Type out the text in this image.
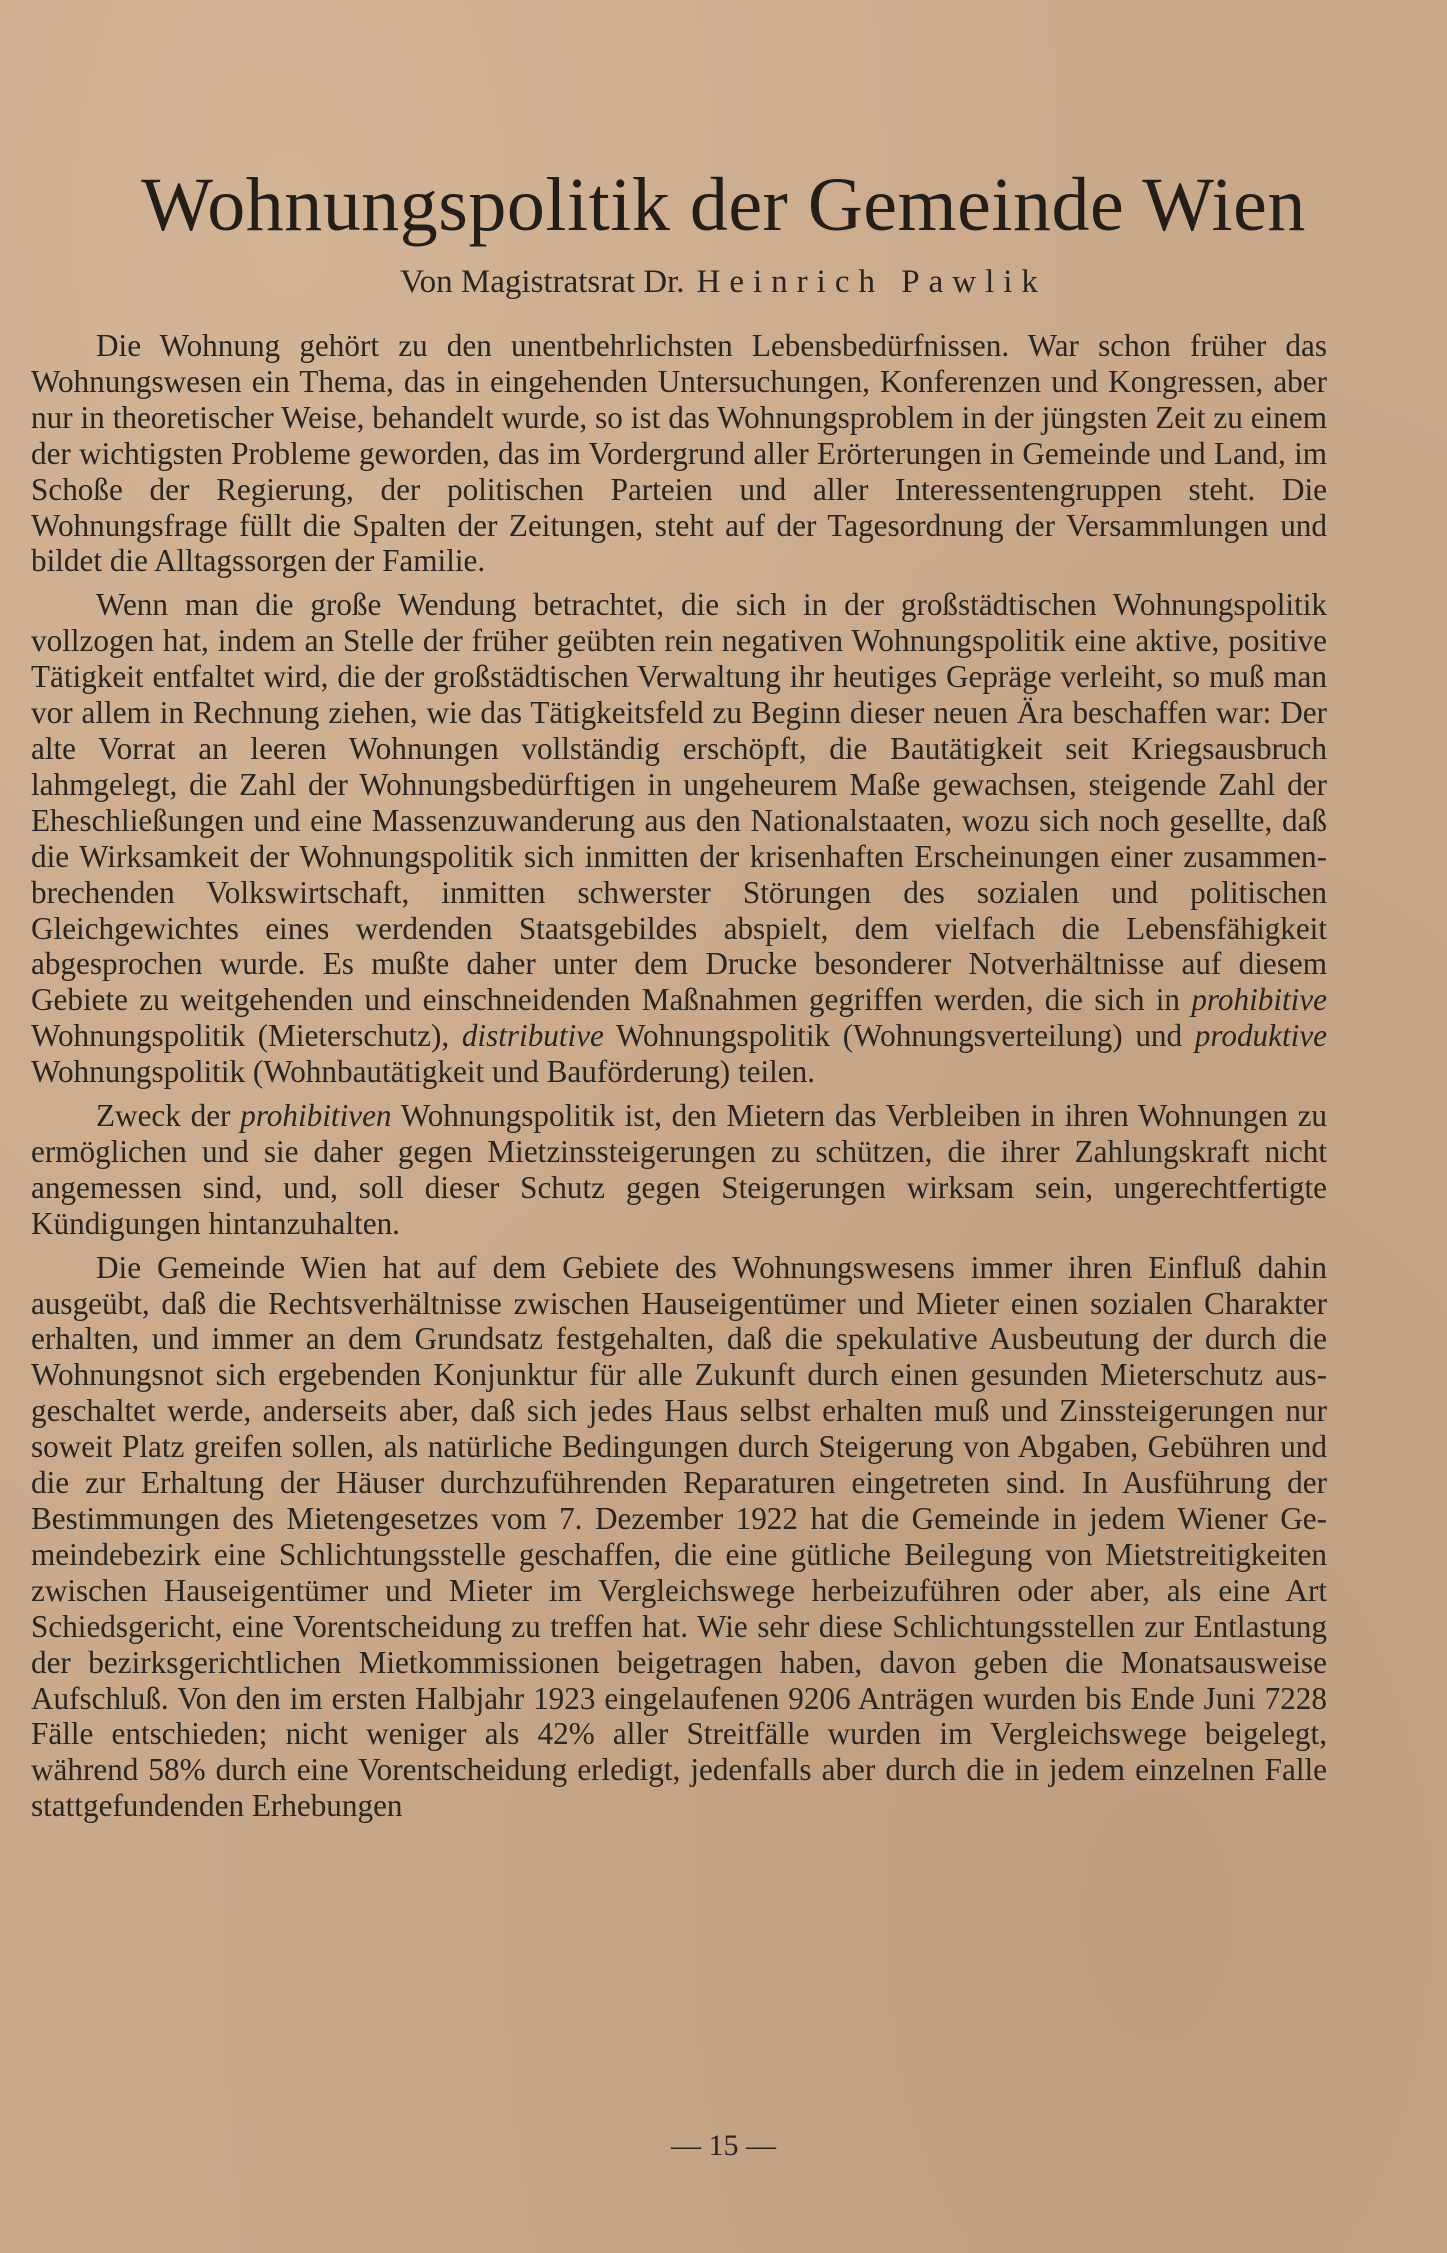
Wohnungspolitik der Gemeinde Wien
Von Magistratsrat Dr. Heinrich Pawlik

Die Wohnung gehört zu den unentbehrlichsten Lebensbedürfnissen. War schon früher das Wohnungswesen ein Thema, das in eingehenden Untersuchungen, Konferenzen und Kongressen, aber nur in theoretischer Weise, behandelt wurde, so ist das Wohnungsproblem in der jüngsten Zeit zu einem der wichtigsten Probleme geworden, das im Vordergrund aller Erörterungen in Gemeinde und Land, im Schoße der Regierung, der politischen Parteien und aller Interessentengruppen steht. Die Wohnungsfrage füllt die Spalten der Zeitungen, steht auf der Tagesordnung der Versammlungen und bildet die Alltagssorgen der Familie.

Wenn man die große Wendung betrachtet, die sich in der großstädtischen Wohnungspolitik vollzogen hat, indem an Stelle der früher geübten rein negativen Wohnungspolitik eine aktive, positive Tätigkeit entfaltet wird, die der großstädtischen Verwaltung ihr heutiges Gepräge verleiht, so muß man vor allem in Rechnung ziehen, wie das Tätigkeitsfeld zu Beginn dieser neuen Ära beschaffen war: Der alte Vorrat an leeren Wohnungen vollständig erschöpft, die Bautätigkeit seit Kriegsausbruch lahmgelegt, die Zahl der Wohnungsbedürftigen in ungeheurem Maße gewachsen, steigende Zahl der Eheschließungen und eine Massenzuwanderung aus den Nationalstaaten, wozu sich noch gesellte, daß die Wirksamkeit der Wohnungspolitik sich inmitten der krisenhaften Erscheinungen einer zusammenbrechenden Volkswirtschaft, inmitten schwerster Störungen des sozialen und politischen Gleichgewichtes eines werdenden Staatsgebildes abspielt, dem vielfach die Lebensfähigkeit abgesprochen wurde. Es mußte daher unter dem Drucke besonderer Notverhältnisse auf diesem Gebiete zu weitgehenden und einschneidenden Maßnahmen gegriffen werden, die sich in prohibitive Wohnungspolitik (Mieterschutz), distributive Wohnungspolitik (Wohnungsverteilung) und produktive Wohnungspolitik (Wohnbautätigkeit und Bauförderung) teilen.

Zweck der prohibitiven Wohnungspolitik ist, den Mietern das Verbleiben in ihren Wohnungen zu ermöglichen und sie daher gegen Mietzinssteigerungen zu schützen, die ihrer Zahlungskraft nicht angemessen sind, und, soll dieser Schutz gegen Steigerungen wirksam sein, ungerechtfertigte Kündigungen hintanzuhalten.

Die Gemeinde Wien hat auf dem Gebiete des Wohnungswesens immer ihren Einfluß dahin ausgeübt, daß die Rechtsverhältnisse zwischen Hauseigentümer und Mieter einen sozialen Charakter erhalten, und immer an dem Grundsatz festgehalten, daß die spekulative Ausbeutung der durch die Wohnungsnot sich ergebenden Konjunktur für alle Zukunft durch einen gesunden Mieterschutz ausgeschaltet werde, anderseits aber, daß sich jedes Haus selbst erhalten muß und Zinssteigerungen nur soweit Platz greifen sollen, als natürliche Bedingungen durch Steigerung von Abgaben, Gebühren und die zur Erhaltung der Häuser durchzuführenden Reparaturen eingetreten sind. In Ausführung der Bestimmungen des Mietengesetzes vom 7. Dezember 1922 hat die Gemeinde in jedem Wiener Gemeindebezirk eine Schlichtungsstelle geschaffen, die eine gütliche Beilegung von Mietstreitigkeiten zwischen Hauseigentümer und Mieter im Vergleichswege herbeizuführen oder aber, als eine Art Schiedsgericht, eine Vorentscheidung zu treffen hat. Wie sehr diese Schlichtungsstellen zur Entlastung der bezirksgerichtlichen Mietkommissionen beigetragen haben, davon geben die Monatsausweise Aufschluß. Von den im ersten Halbjahr 1923 eingelaufenen 9206 Anträgen wurden bis Ende Juni 7228 Fälle entschieden; nicht weniger als 42% aller Streitfälle wurden im Vergleichswege beigelegt, während 58% durch eine Vorentscheidung erledigt, jedenfalls aber durch die in jedem einzelnen Falle stattgefundenden Erhebungen

— 15 —
